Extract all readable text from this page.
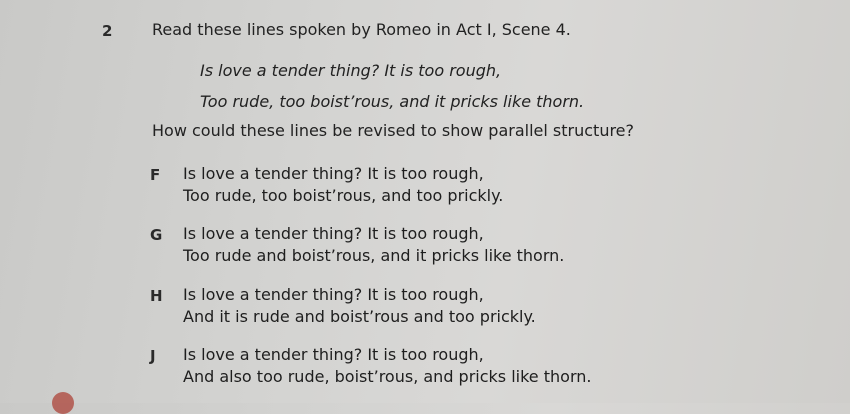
2 Read these lines spoken by Romeo in Act I, Scene 4.
Is love a tender thing? It is too rough,
Too rude, too boist’rous, and it pricks like thorn.
How could these lines be revised to show parallel structure?
F Is love a tender thing? It is too rough,
Too rude, too boist’rous, and too prickly.
G Is love a tender thing? It is too rough,
Too rude and boist’rous, and it pricks like thorn.
H Is love a tender thing? It is too rough,
And it is rude and boist’rous and too prickly.
J Is love a tender thing? It is too rough,
And also too rude, boist’rous, and pricks like thorn.
